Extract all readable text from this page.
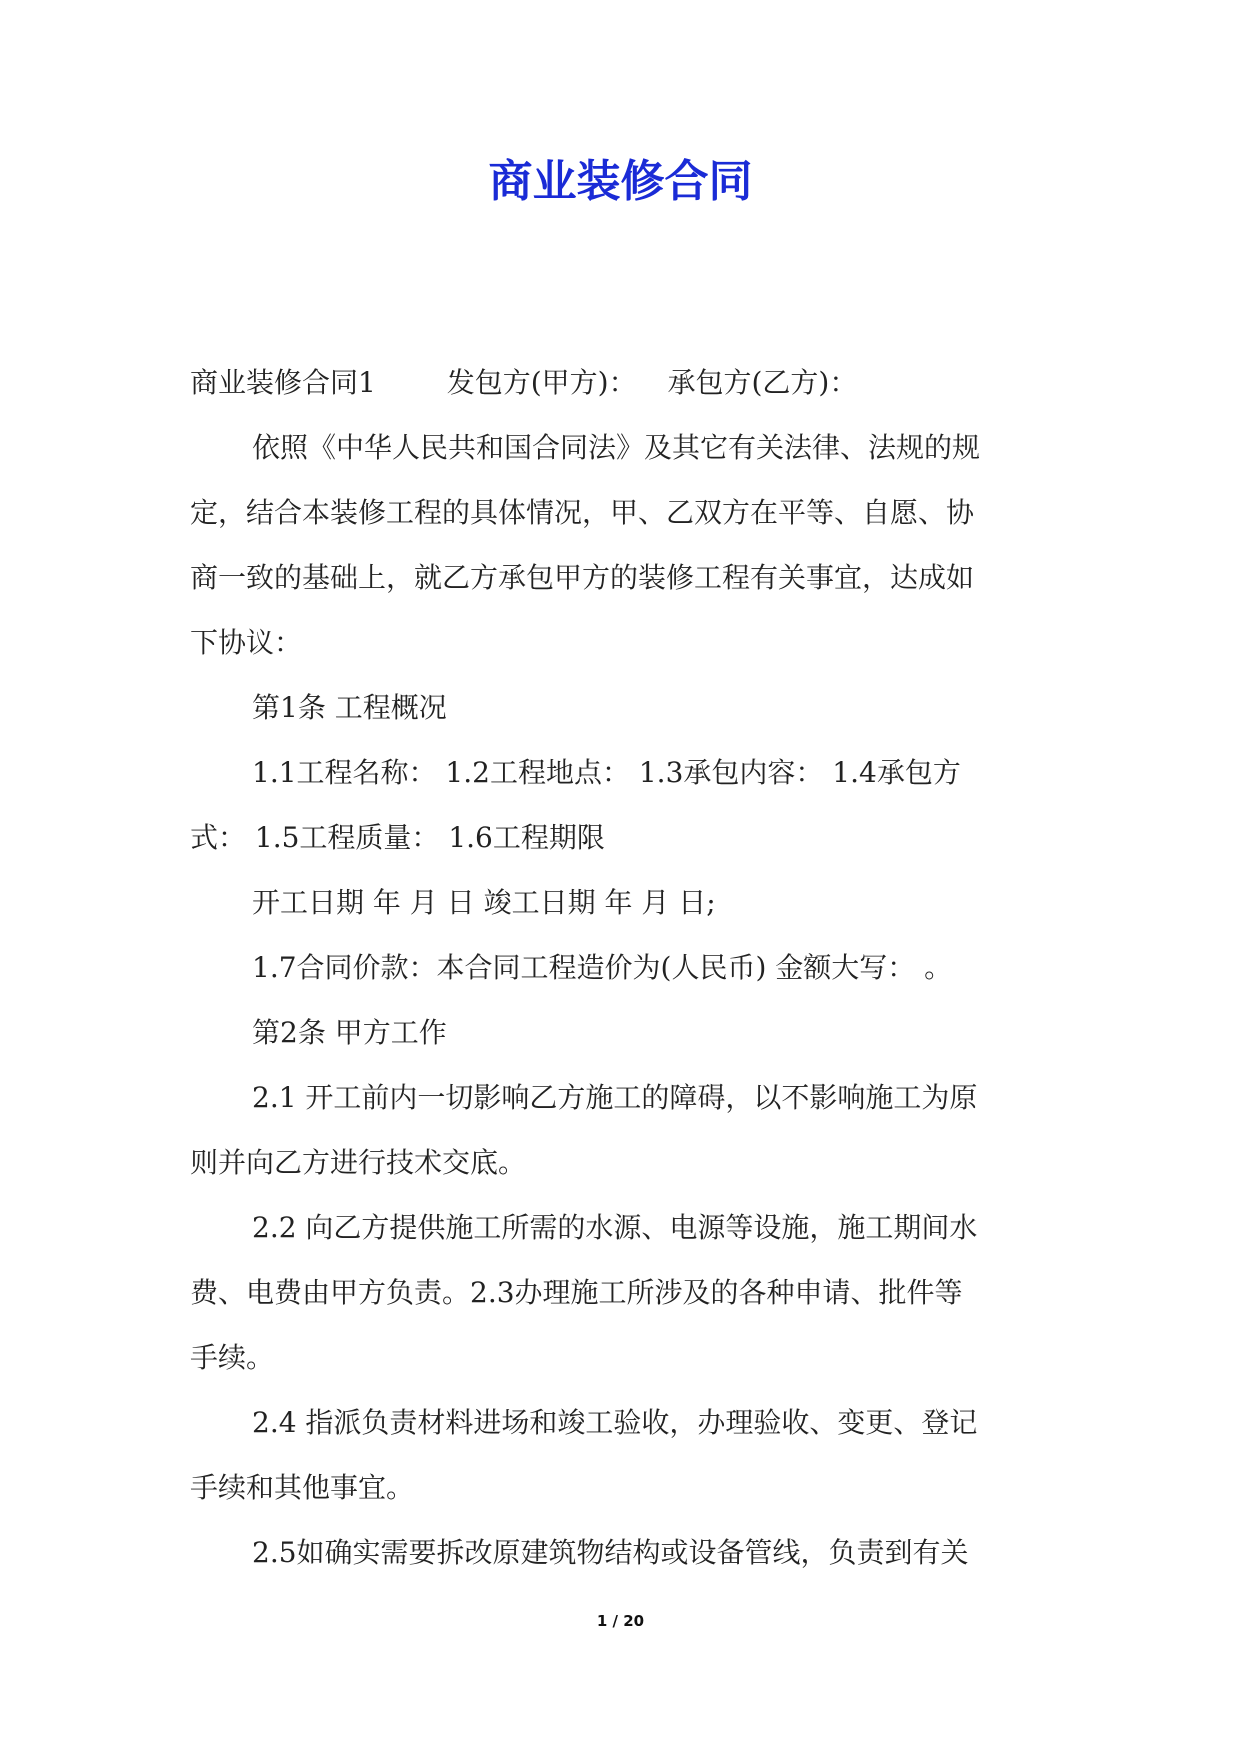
商业装修合同
商业装修合同1	发包方(甲方)： 承包方(乙方)：
依照《中华人民共和国合同法》及其它有关法律、法规的规
定，结合本装修工程的具体情况，甲、乙双方在平等、自愿、协
商一致的基础上，就乙方承包甲方的装修工程有关事宜，达成如
下协议：
第1条 工程概况
1.1工程名称： 1.2工程地点： 1.3承包内容： 1.4承包方
式： 1.5工程质量： 1.6工程期限
开工日期 年 月 日 竣工日期 年 月 日;
1.7合同价款：本合同工程造价为(人民币) 金额大写： 。
第2条 甲方工作
2.1 开工前内一切影响乙方施工的障碍，以不影响施工为原
则并向乙方进行技术交底。
2.2 向乙方提供施工所需的水源、电源等设施，施工期间水
费、电费由甲方负责。2.3办理施工所涉及的各种申请、批件等
手续。
2.4 指派负责材料进场和竣工验收，办理验收、变更、登记
手续和其他事宜。
2.5如确实需要拆改原建筑物结构或设备管线，负责到有关
1 / 20
